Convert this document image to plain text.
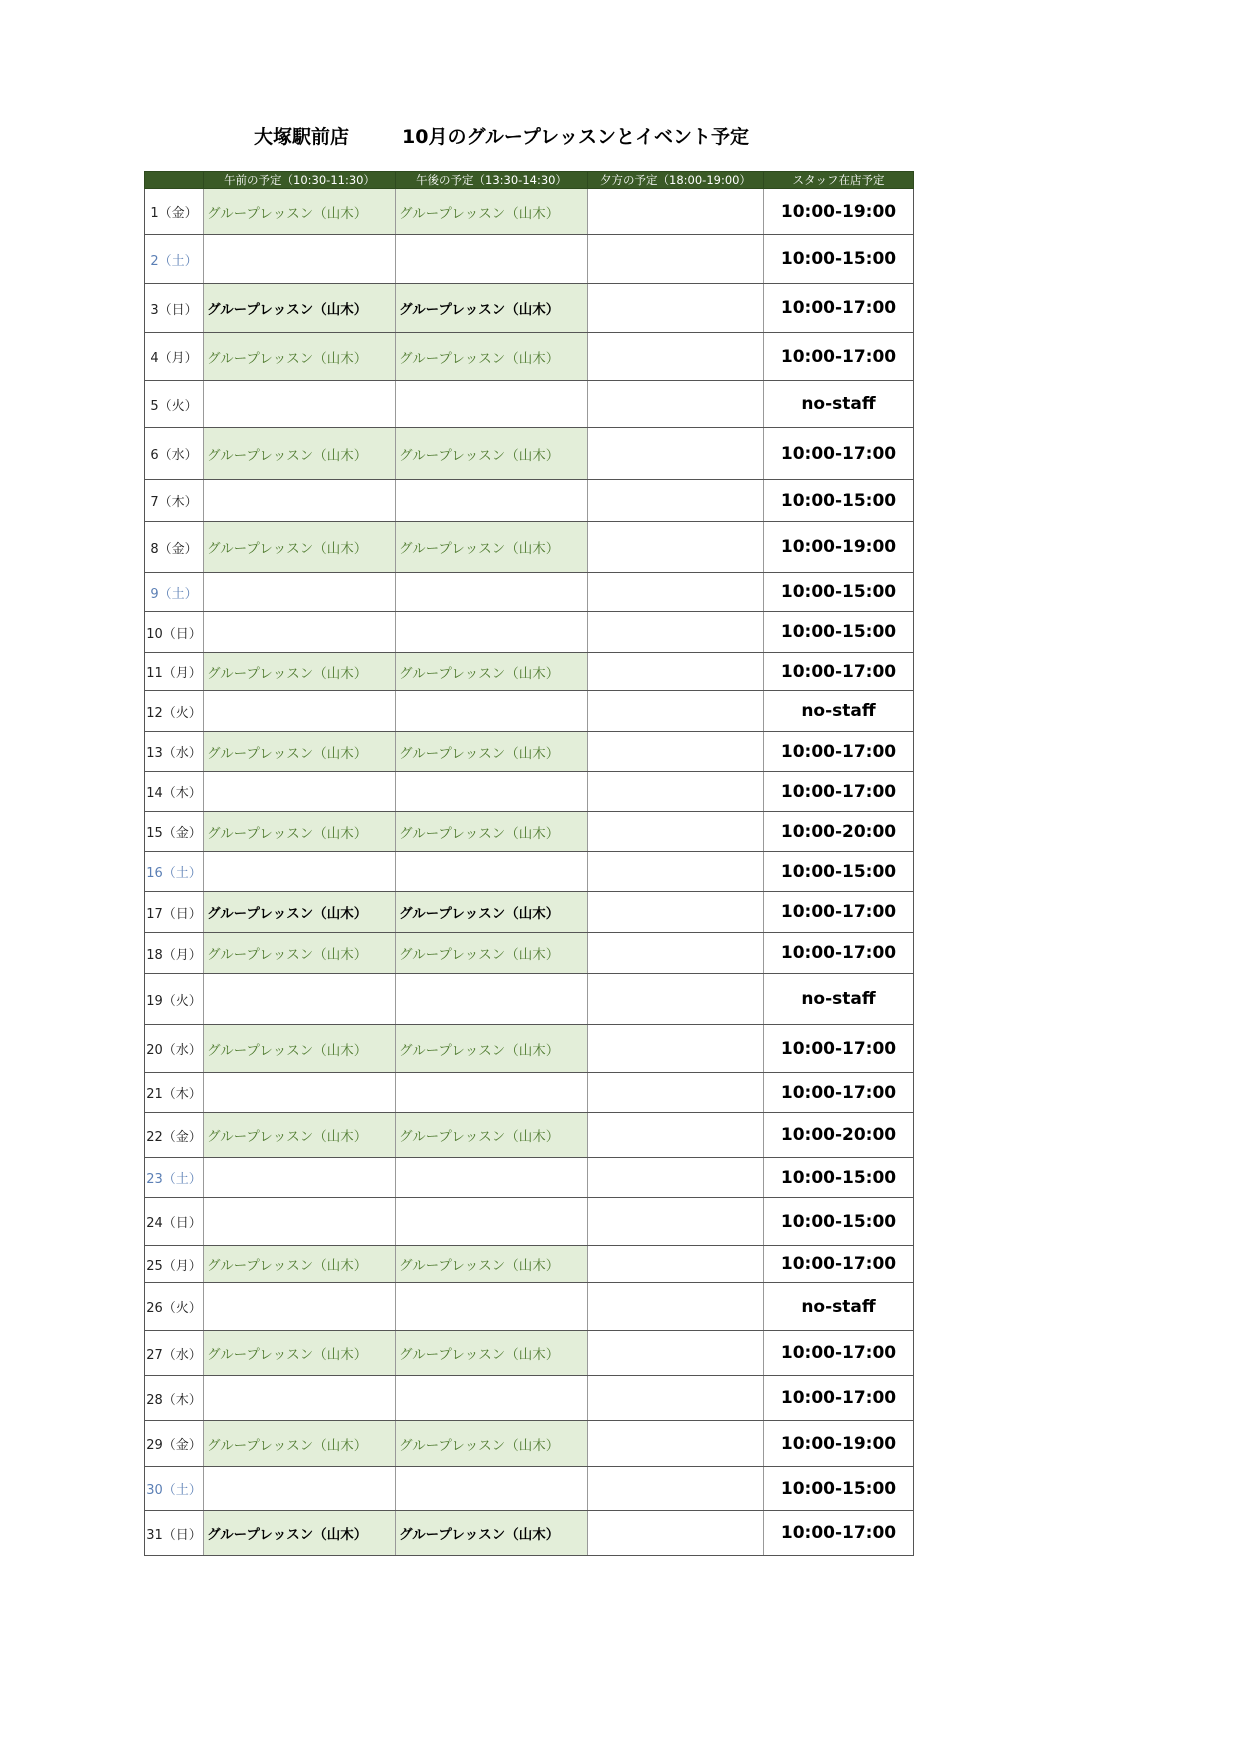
大塚駅前店	10月のグループレッスンとイベント予定
	午前の予定（10:30-11:30）	午後の予定（13:30-14:30）	夕方の予定（18:00-19:00）	スタッフ在店予定
1（金）	グループレッスン（山木）	グループレッスン（山木）		10:00-19:00
2（土）				10:00-15:00
3（日）	グループレッスン（山木）	グループレッスン（山木）		10:00-17:00
4（月）	グループレッスン（山木）	グループレッスン（山木）		10:00-17:00
5（火）				no-staff
6（水）	グループレッスン（山木）	グループレッスン（山木）		10:00-17:00
7（木）				10:00-15:00
8（金）	グループレッスン（山木）	グループレッスン（山木）		10:00-19:00
9（土）				10:00-15:00
10（日）				10:00-15:00
11（月）	グループレッスン（山木）	グループレッスン（山木）		10:00-17:00
12（火）				no-staff
13（水）	グループレッスン（山木）	グループレッスン（山木）		10:00-17:00
14（木）				10:00-17:00
15（金）	グループレッスン（山木）	グループレッスン（山木）		10:00-20:00
16（土）				10:00-15:00
17（日）	グループレッスン（山木）	グループレッスン（山木）		10:00-17:00
18（月）	グループレッスン（山木）	グループレッスン（山木）		10:00-17:00
19（火）				no-staff
20（水）	グループレッスン（山木）	グループレッスン（山木）		10:00-17:00
21（木）				10:00-17:00
22（金）	グループレッスン（山木）	グループレッスン（山木）		10:00-20:00
23（土）				10:00-15:00
24（日）				10:00-15:00
25（月）	グループレッスン（山木）	グループレッスン（山木）		10:00-17:00
26（火）				no-staff
27（水）	グループレッスン（山木）	グループレッスン（山木）		10:00-17:00
28（木）				10:00-17:00
29（金）	グループレッスン（山木）	グループレッスン（山木）		10:00-19:00
30（土）				10:00-15:00
31（日）	グループレッスン（山木）	グループレッスン（山木）		10:00-17:00
